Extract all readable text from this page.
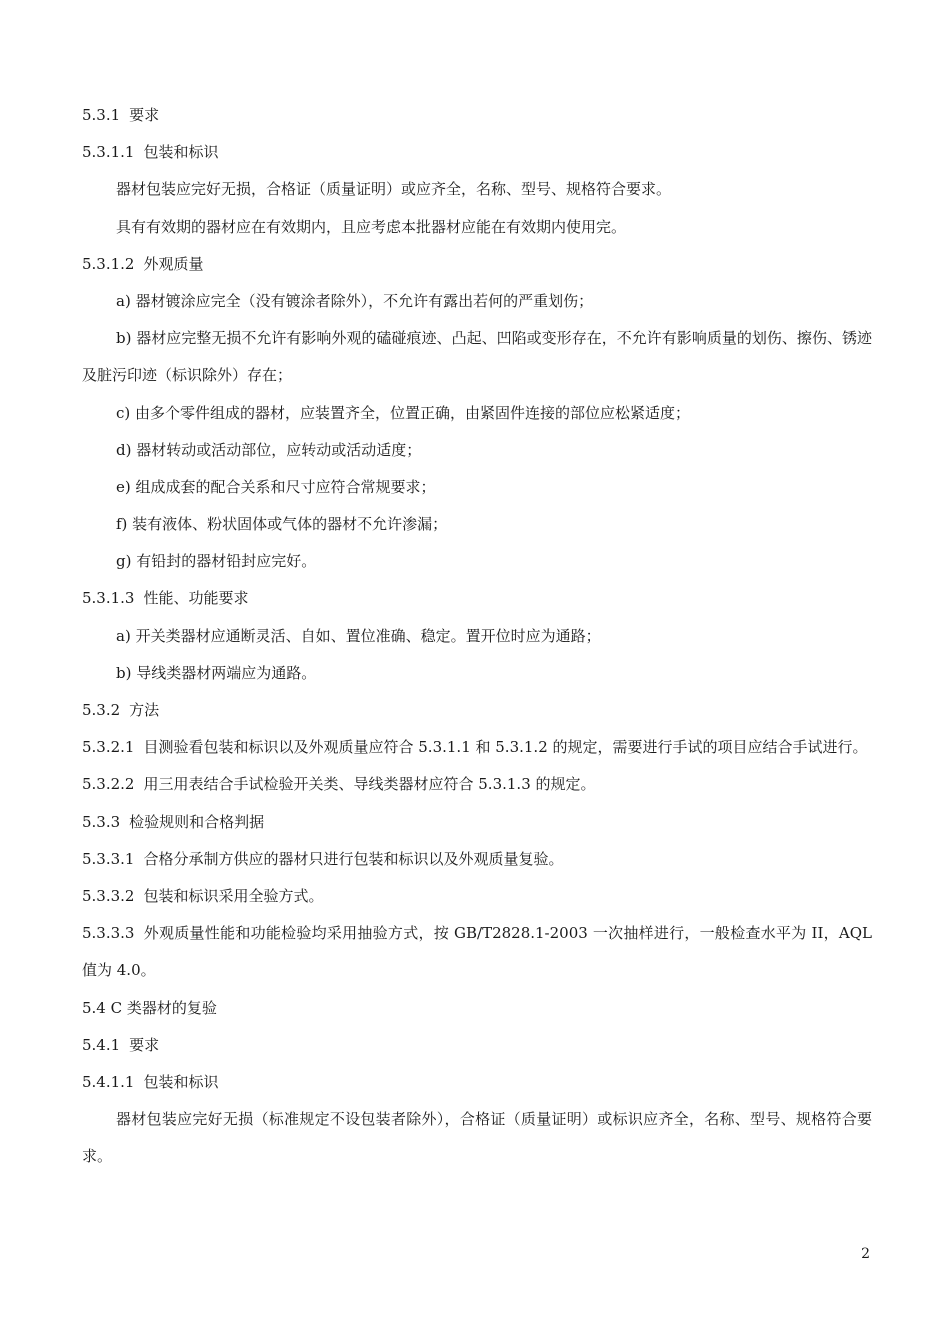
5.3.1 要求
5.3.1.1 包装和标识
器材包装应完好无损，合格证（质量证明）或应齐全，名称、型号、规格符合要求。
具有有效期的器材应在有效期内，且应考虑本批器材应能在有效期内使用完。
5.3.1.2 外观质量
a) 器材镀涂应完全（没有镀涂者除外），不允许有露出若何的严重划伤；
b) 器材应完整无损不允许有影响外观的磕碰痕迹、凸起、凹陷或变形存在，不允许有影响质量的划伤、擦伤、锈迹及脏污印迹（标识除外）存在；
c) 由多个零件组成的器材，应装置齐全，位置正确，由紧固件连接的部位应松紧适度；
d) 器材转动或活动部位，应转动或活动适度；
e) 组成成套的配合关系和尺寸应符合常规要求；
f) 装有液体、粉状固体或气体的器材不允许渗漏；
g) 有铅封的器材铅封应完好。
5.3.1.3 性能、功能要求
a) 开关类器材应通断灵活、自如、置位准确、稳定。置开位时应为通路；
b) 导线类器材两端应为通路。
5.3.2 方法
5.3.2.1 目测验看包装和标识以及外观质量应符合 5.3.1.1 和 5.3.1.2 的规定，需要进行手试的项目应结合手试进行。
5.3.2.2 用三用表结合手试检验开关类、导线类器材应符合 5.3.1.3 的规定。
5.3.3 检验规则和合格判据
5.3.3.1 合格分承制方供应的器材只进行包装和标识以及外观质量复验。
5.3.3.2 包装和标识采用全验方式。
5.3.3.3 外观质量性能和功能检验均采用抽验方式，按 GB/T2828.1-2003 一次抽样进行，一般检查水平为 II，AQL 值为 4.0。
5.4 C 类器材的复验
5.4.1 要求
5.4.1.1 包装和标识
器材包装应完好无损（标准规定不设包装者除外），合格证（质量证明）或标识应齐全，名称、型号、规格符合要求。
2
